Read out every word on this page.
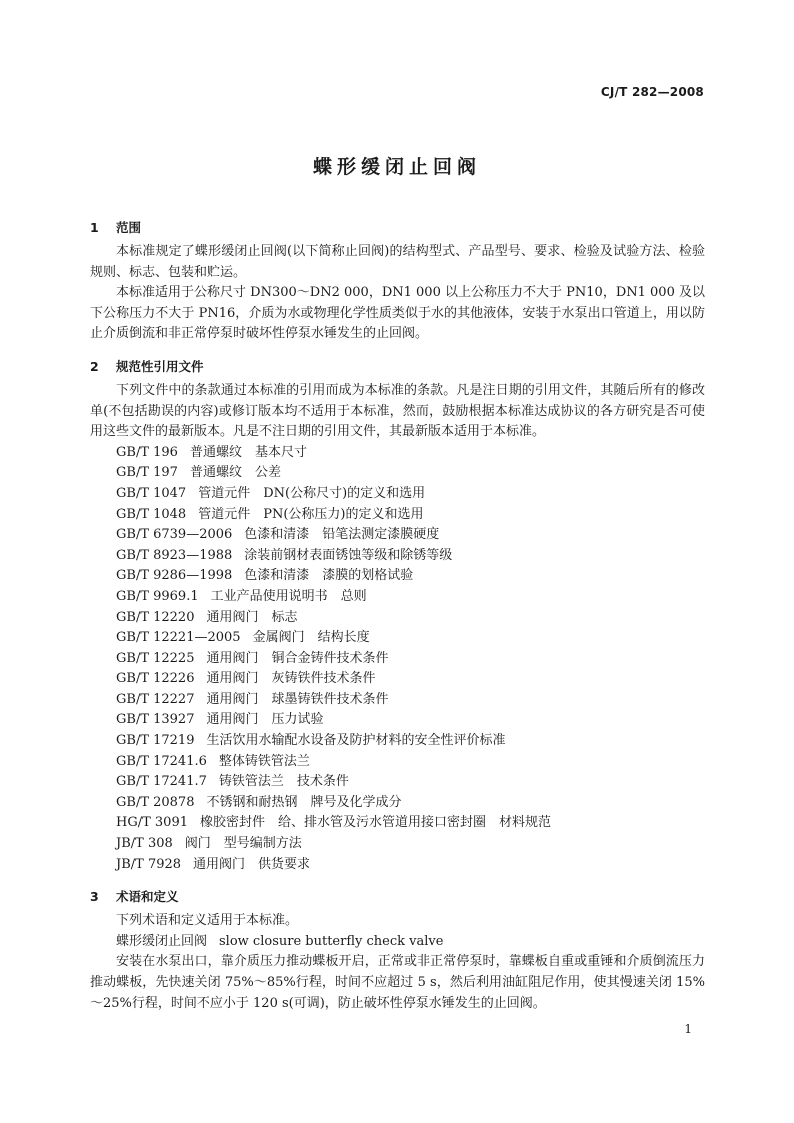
CJ/T 282—2008
蝶形缓闭止回阀
1 范围

本标准规定了蝶形缓闭止回阀(以下简称止回阀)的结构型式、产品型号、要求、检验及试验方法、检验规则、标志、包装和贮运。

本标准适用于公称尺寸 DN300～DN2 000，DN1 000 以上公称压力不大于 PN10，DN1 000 及以下公称压力不大于 PN16，介质为水或物理化学性质类似于水的其他液体，安装于水泵出口管道上，用以防止介质倒流和非正常停泵时破坏性停泵水锤发生的止回阀。

2 规范性引用文件

下列文件中的条款通过本标准的引用而成为本标准的条款。凡是注日期的引用文件，其随后所有的修改单(不包括勘误的内容)或修订版本均不适用于本标准，然而，鼓励根据本标准达成协议的各方研究是否可使用这些文件的最新版本。凡是不注日期的引用文件，其最新版本适用于本标准。

GB/T 196 普通螺纹　基本尺寸
GB/T 197 普通螺纹　公差
GB/T 1047 管道元件　DN(公称尺寸)的定义和选用
GB/T 1048 管道元件　PN(公称压力)的定义和选用
GB/T 6739—2006 色漆和清漆　铅笔法测定漆膜硬度
GB/T 8923—1988 涂装前钢材表面锈蚀等级和除锈等级
GB/T 9286—1998 色漆和清漆　漆膜的划格试验
GB/T 9969.1 工业产品使用说明书　总则
GB/T 12220 通用阀门　标志
GB/T 12221—2005 金属阀门　结构长度
GB/T 12225 通用阀门　铜合金铸件技术条件
GB/T 12226 通用阀门　灰铸铁件技术条件
GB/T 12227 通用阀门　球墨铸铁件技术条件
GB/T 13927 通用阀门　压力试验
GB/T 17219 生活饮用水输配水设备及防护材料的安全性评价标准
GB/T 17241.6 整体铸铁管法兰
GB/T 17241.7 铸铁管法兰　技术条件
GB/T 20878 不锈钢和耐热钢　牌号及化学成分
HG/T 3091 橡胶密封件　给、排水管及污水管道用接口密封圈　材料规范
JB/T 308 阀门　型号编制方法
JB/T 7928 通用阀门　供货要求
3 术语和定义

下列术语和定义适用于本标准。

蝶形缓闭止回阀 slow closure butterfly check valve

安装在水泵出口，靠介质压力推动蝶板开启，正常或非正常停泵时，靠蝶板自重或重锤和介质倒流压力推动蝶板，先快速关闭 75%～85%行程，时间不应超过 5 s，然后利用油缸阻尼作用，使其慢速关闭 15%～25%行程，时间不应小于 120 s(可调)，防止破坏性停泵水锤发生的止回阀。

1
